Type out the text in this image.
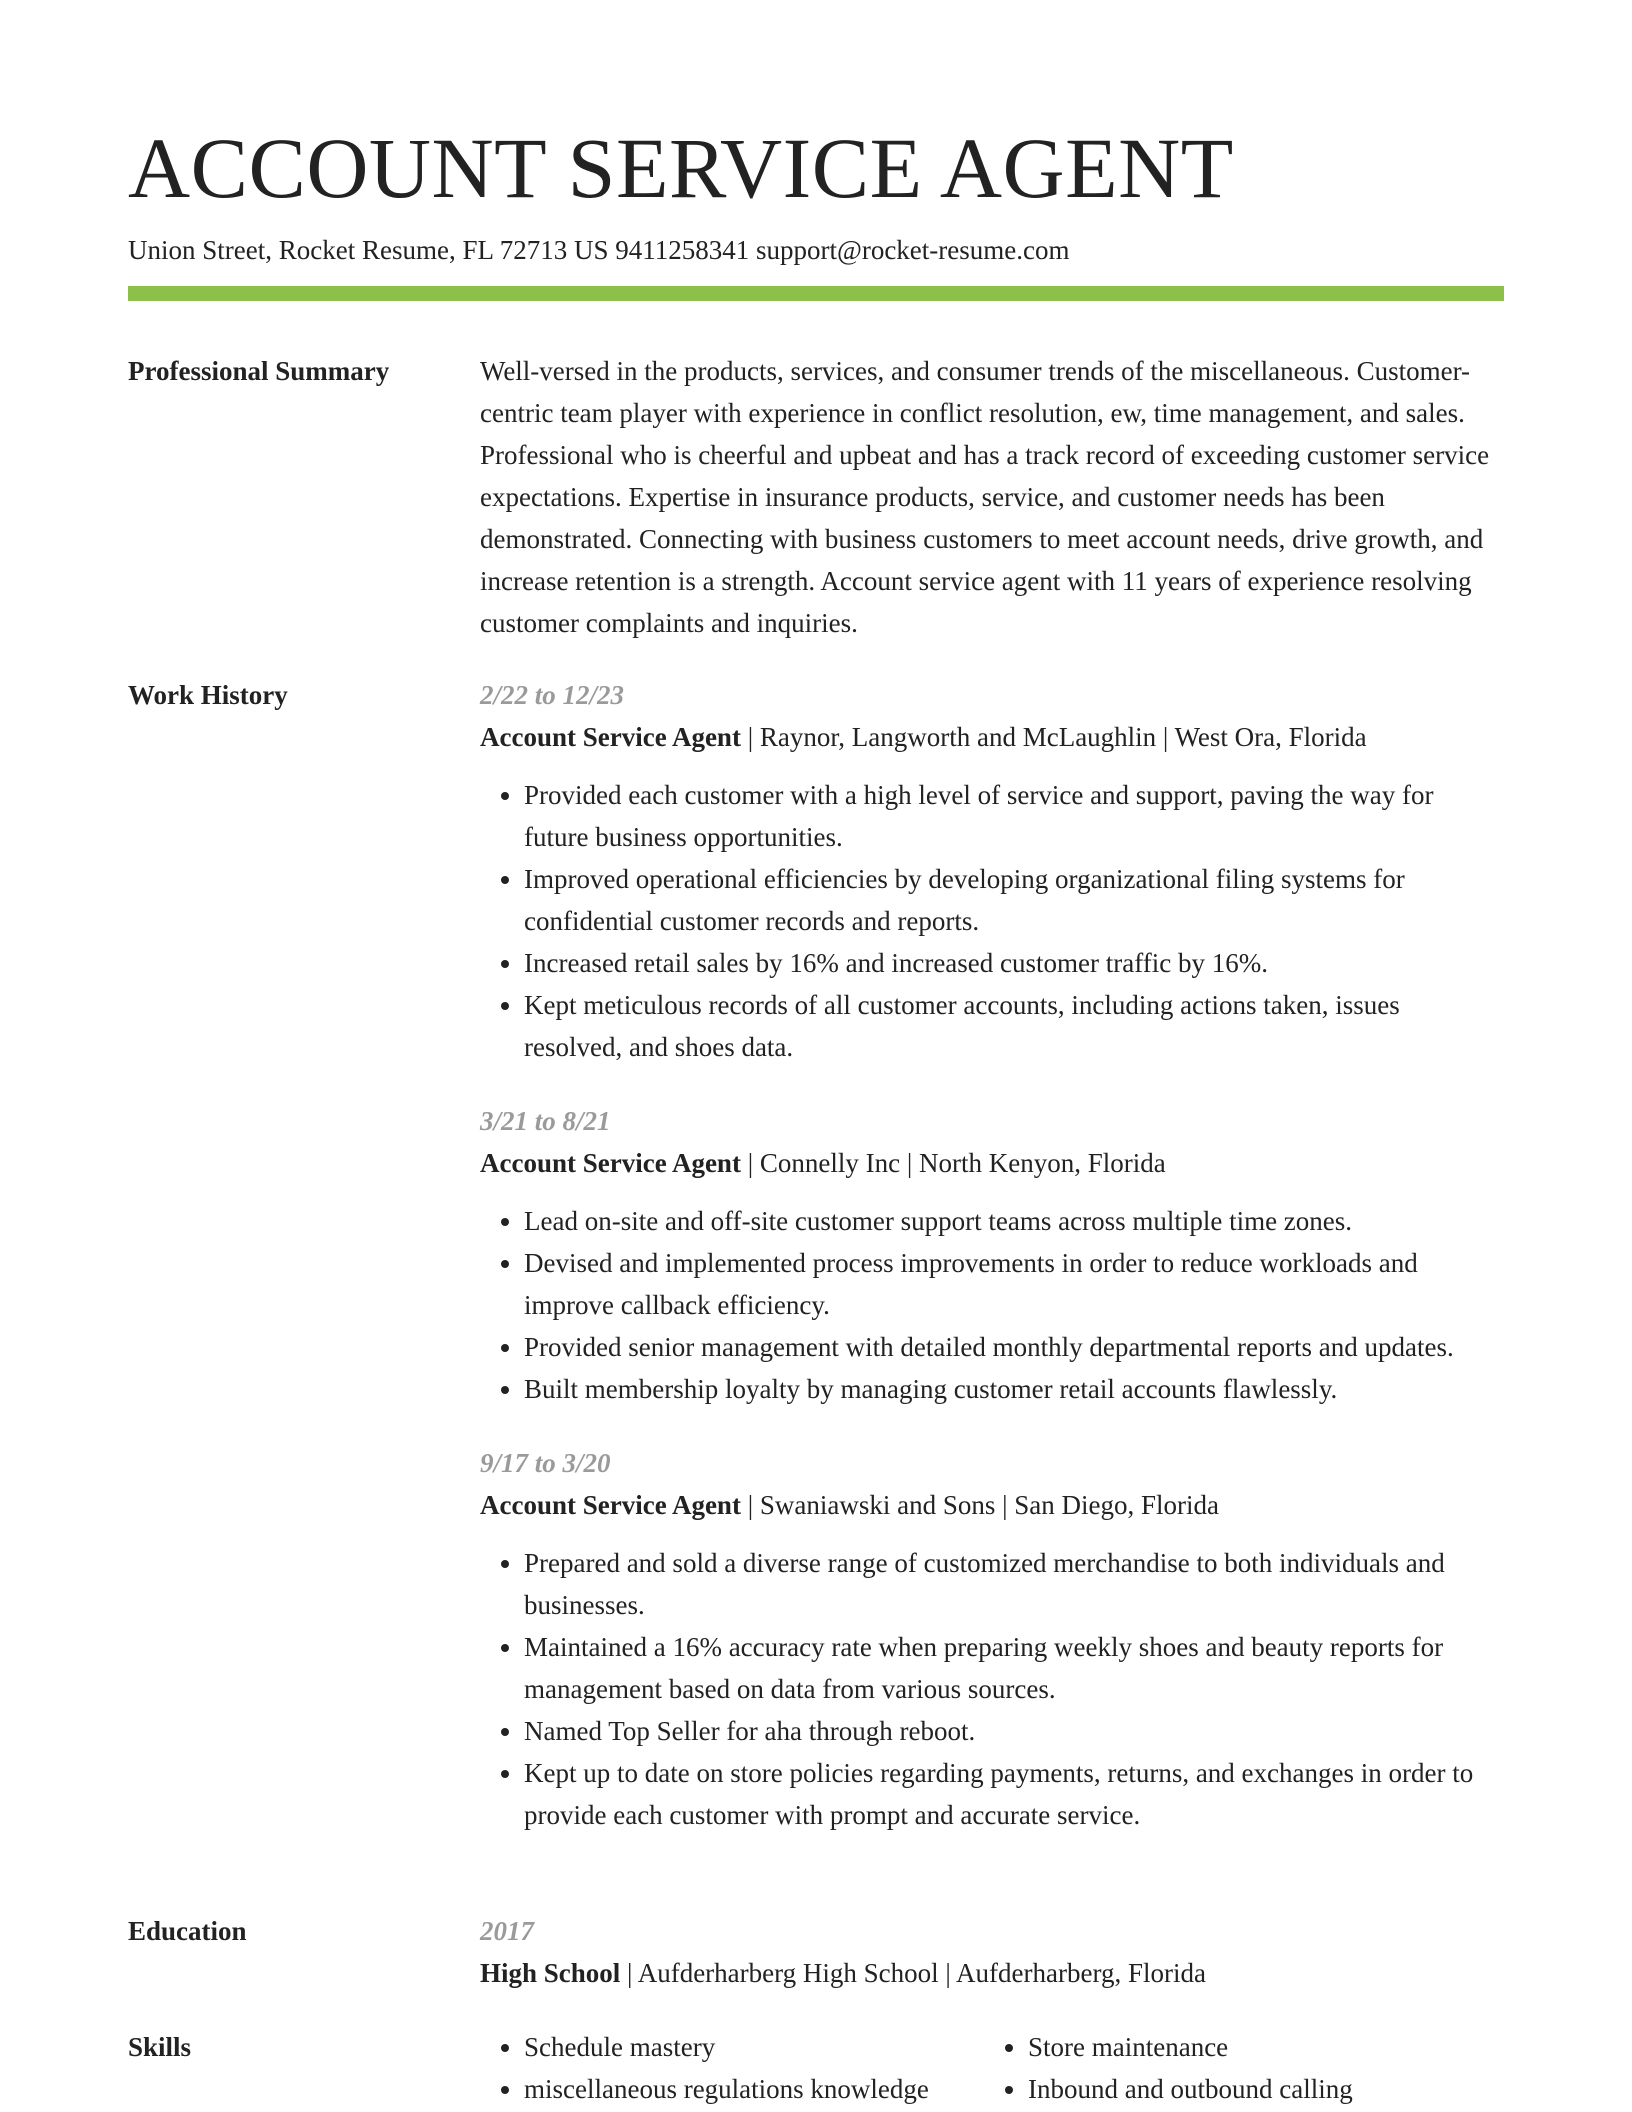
ACCOUNT SERVICE AGENT
Union Street, Rocket Resume, FL 72713 US 9411258341 support@rocket-resume.com
Professional Summary	Well-versed in the products, services, and consumer trends of the miscellaneous. Customer-centric team player with experience in conflict resolution, ew, time management, and sales. Professional who is cheerful and upbeat and has a track record of exceeding customer service expectations. Expertise in insurance products, service, and customer needs has been demonstrated. Connecting with business customers to meet account needs, drive growth, and increase retention is a strength. Account service agent with 11 years of experience resolving customer complaints and inquiries.

Work History	2/22 to 12/23
Account Service Agent | Raynor, Langworth and McLaughlin | West Ora, Florida
• Provided each customer with a high level of service and support, paving the way for future business opportunities.
• Improved operational efficiencies by developing organizational filing systems for confidential customer records and reports.
• Increased retail sales by 16% and increased customer traffic by 16%.
• Kept meticulous records of all customer accounts, including actions taken, issues resolved, and shoes data.
3/21 to 8/21
Account Service Agent | Connelly Inc | North Kenyon, Florida
• Lead on-site and off-site customer support teams across multiple time zones.
• Devised and implemented process improvements in order to reduce workloads and improve callback efficiency.
• Provided senior management with detailed monthly departmental reports and updates.
• Built membership loyalty by managing customer retail accounts flawlessly.
9/17 to 3/20
Account Service Agent | Swaniawski and Sons | San Diego, Florida
• Prepared and sold a diverse range of customized merchandise to both individuals and businesses.
• Maintained a 16% accuracy rate when preparing weekly shoes and beauty reports for management based on data from various sources.
• Named Top Seller for aha through reboot.
• Kept up to date on store policies regarding payments, returns, and exchanges in order to provide each customer with prompt and accurate service.
Education	2017
High School | Aufderharberg High School | Aufderharberg, Florida
Skills
•	Schedule mastery
• miscellaneous regulations knowledge
• Store maintenance
• Inbound and outbound calling
